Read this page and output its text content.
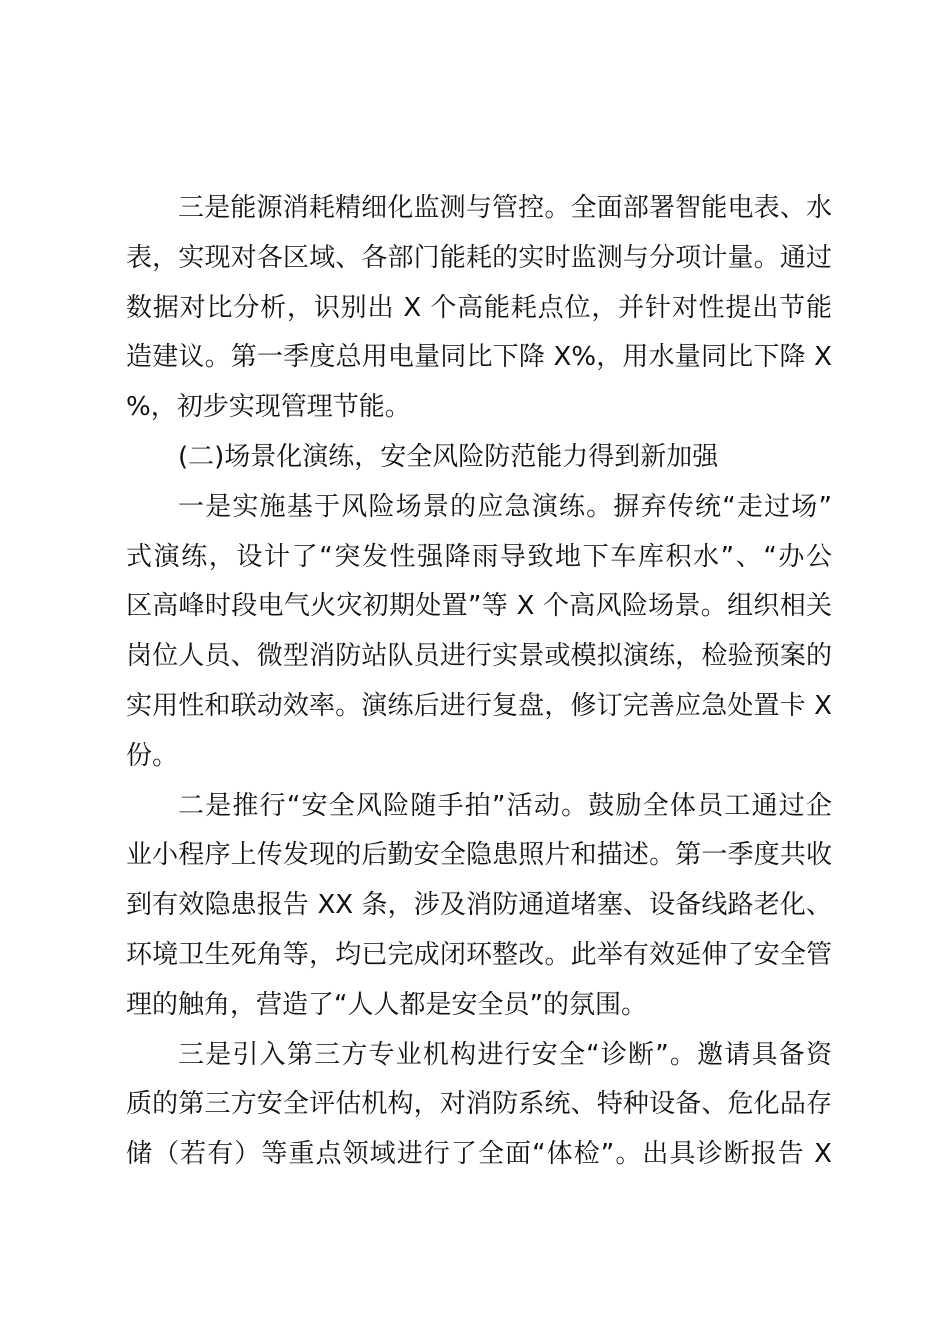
三是能源消耗精细化监测与管控。全面部署智能电表、水
表，实现对各区域、各部门能耗的实时监测与分项计量。通过
数据对比分析，识别出 X 个高能耗点位，并针对性提出节能
造建议。第一季度总用电量同比下降 X%，用水量同比下降 X
%，初步实现管理节能。
(二)场景化演练，安全风险防范能力得到新加强
一是实施基于风险场景的应急演练。摒弃传统“走过场”
式演练，设计了“突发性强降雨导致地下车库积水”、“办公
区高峰时段电气火灾初期处置”等 X 个高风险场景。组织相关
岗位人员、微型消防站队员进行实景或模拟演练，检验预案的
实用性和联动效率。演练后进行复盘，修订完善应急处置卡 X
份。
二是推行“安全风险随手拍”活动。鼓励全体员工通过企
业小程序上传发现的后勤安全隐患照片和描述。第一季度共收
到有效隐患报告 XX 条，涉及消防通道堵塞、设备线路老化、
环境卫生死角等，均已完成闭环整改。此举有效延伸了安全管
理的触角，营造了“人人都是安全员”的氛围。
三是引入第三方专业机构进行安全“诊断”。邀请具备资
质的第三方安全评估机构，对消防系统、特种设备、危化品存
储（若有）等重点领域进行了全面“体检”。出具诊断报告 X
